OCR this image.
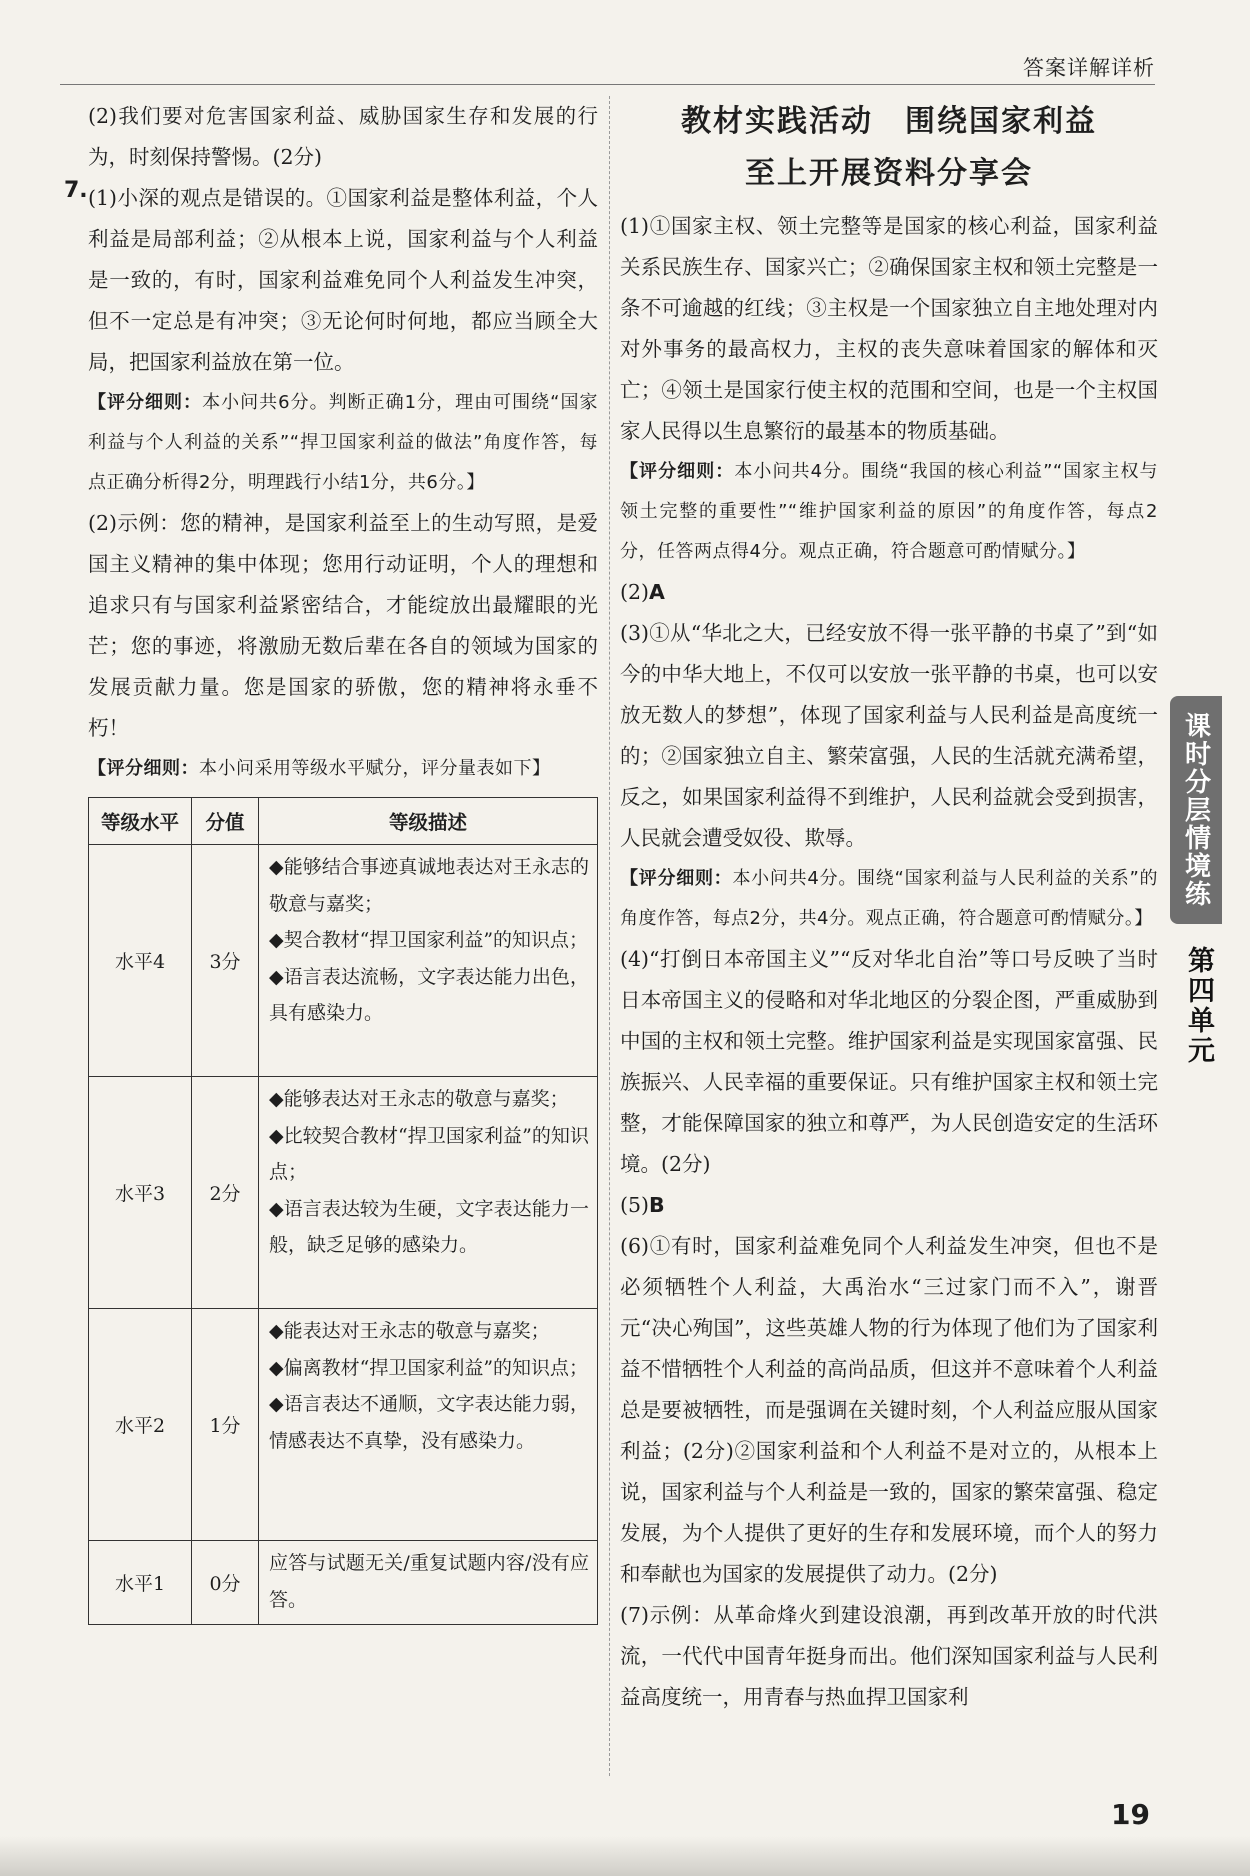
答案详解详析

(2)我们要对危害国家利益、威胁国家生存和发展的行为，时刻保持警惕。(2分)

7. (1)小深的观点是错误的。①国家利益是整体利益，个人利益是局部利益；②从根本上说，国家利益与个人利益是一致的，有时，国家利益难免同个人利益发生冲突，但不一定总是有冲突；③无论何时何地，都应当顾全大局，把国家利益放在第一位。

【评分细则：本小问共6分。判断正确1分，理由可围绕“国家利益与个人利益的关系”“捍卫国家利益的做法”角度作答，每点正确分析得2分，明理践行小结1分，共6分。】

(2)示例：您的精神，是国家利益至上的生动写照，是爱国主义精神的集中体现；您用行动证明，个人的理想和追求只有与国家利益紧密结合，才能绽放出最耀眼的光芒；您的事迹，将激励无数后辈在各自的领域为国家的发展贡献力量。您是国家的骄傲，您的精神将永垂不朽！

【评分细则：本小问采用等级水平赋分，评分量表如下】

等级水平	分值	等级描述
水平4	3分	◆能够结合事迹真诚地表达对王永志的敬意与嘉奖；
◆契合教材“捍卫国家利益”的知识点；
◆语言表达流畅，文字表达能力出色，具有感染力。

水平3	2分	◆能够表达对王永志的敬意与嘉奖；
◆比较契合教材“捍卫国家利益”的知识点；
◆语言表达较为生硬，文字表达能力一般，缺乏足够的感染力。

水平2	1分	◆能表达对王永志的敬意与嘉奖；
◆偏离教材“捍卫国家利益”的知识点；
◆语言表达不通顺，文字表达能力弱，情感表达不真挚，没有感染力。

水平1	0分	应答与试题无关/重复试题内容/没有应答。
教材实践活动　围绕国家利益
至上开展资料分享会

(1)①国家主权、领土完整等是国家的核心利益，国家利益关系民族生存、国家兴亡；②确保国家主权和领土完整是一条不可逾越的红线；③主权是一个国家独立自主地处理对内对外事务的最高权力，主权的丧失意味着国家的解体和灭亡；④领土是国家行使主权的范围和空间，也是一个主权国家人民得以生息繁衍的最基本的物质基础。

【评分细则：本小问共4分。围绕“我国的核心利益”“国家主权与领土完整的重要性”“维护国家利益的原因”的角度作答，每点2分，任答两点得4分。观点正确，符合题意可酌情赋分。】

(2)A

(3)①从“华北之大，已经安放不得一张平静的书桌了”到“如今的中华大地上，不仅可以安放一张平静的书桌，也可以安放无数人的梦想”，体现了国家利益与人民利益是高度统一的；②国家独立自主、繁荣富强，人民的生活就充满希望，反之，如果国家利益得不到维护，人民利益就会受到损害，人民就会遭受奴役、欺辱。

【评分细则：本小问共4分。围绕“国家利益与人民利益的关系”的角度作答，每点2分，共4分。观点正确，符合题意可酌情赋分。】

(4)“打倒日本帝国主义”“反对华北自治”等口号反映了当时日本帝国主义的侵略和对华北地区的分裂企图，严重威胁到中国的主权和领土完整。维护国家利益是实现国家富强、民族振兴、人民幸福的重要保证。只有维护国家主权和领土完整，才能保障国家的独立和尊严，为人民创造安定的生活环境。(2分)

(5)B

(6)①有时，国家利益难免同个人利益发生冲突，但也不是必须牺牲个人利益，大禹治水“三过家门而不入”，谢晋元“决心殉国”，这些英雄人物的行为体现了他们为了国家利益不惜牺牲个人利益的高尚品质，但这并不意味着个人利益总是要被牺牲，而是强调在关键时刻，个人利益应服从国家利益；(2分)②国家利益和个人利益不是对立的，从根本上说，国家利益与个人利益是一致的，国家的繁荣富强、稳定发展，为个人提供了更好的生存和发展环境，而个人的努力和奉献也为国家的发展提供了动力。(2分)

(7)示例：从革命烽火到建设浪潮，再到改革开放的时代洪流，一代代中国青年挺身而出。他们深知国家利益与人民利益高度统一，用青春与热血捍卫国家利

课时分层情境练
第四单元
19
